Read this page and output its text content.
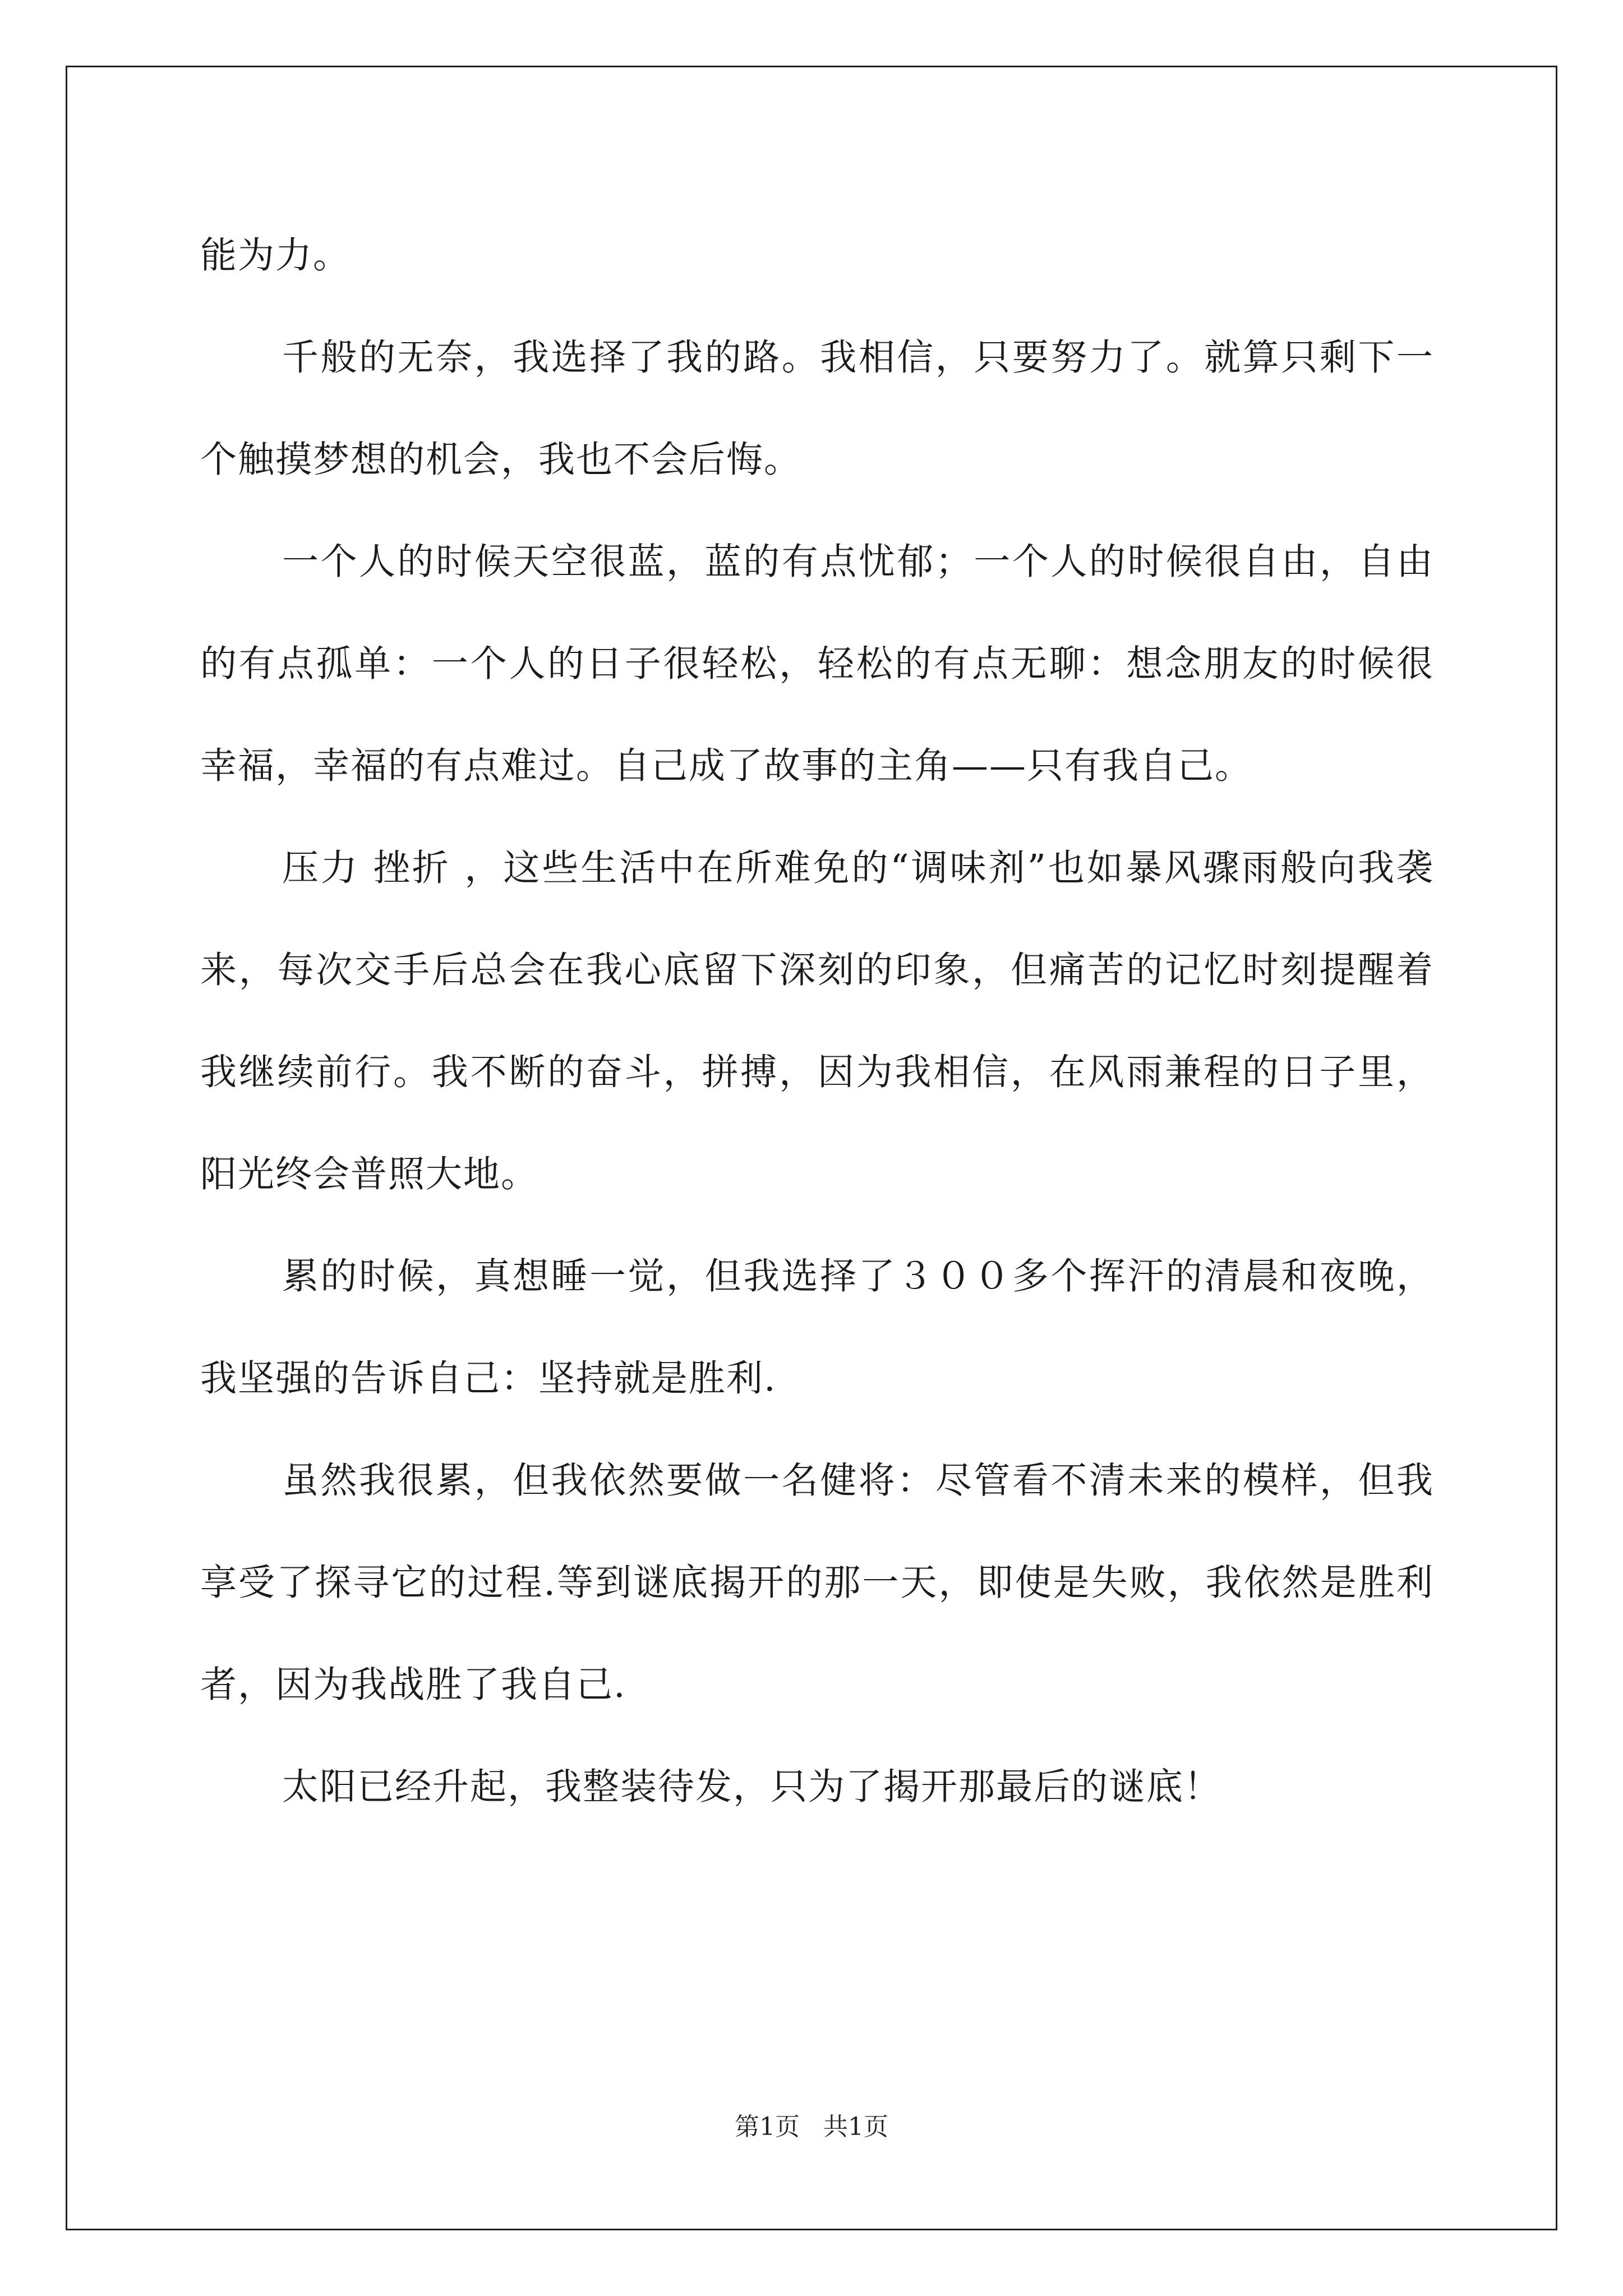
能为力。

千般的无奈，我选择了我的路。我相信，只要努力了。就算只剩下一个触摸梦想的机会，我也不会后悔。

一个人的时候天空很蓝，蓝的有点忧郁；一个人的时候很自由，自由的有点孤单：一个人的日子很轻松，轻松的有点无聊：想念朋友的时候很幸福，幸福的有点难过。自己成了故事的主角——只有我自己。

压力 挫折 ，这些生活中在所难免的“调味剂”也如暴风骤雨般向我袭来，每次交手后总会在我心底留下深刻的印象，但痛苦的记忆时刻提醒着我继续前行。我不断的奋斗，拼搏，因为我相信，在风雨兼程的日子里，阳光终会普照大地。

累的时候，真想睡一觉，但我选择了３００多个挥汗的清晨和夜晚，我坚强的告诉自己：坚持就是胜利.

虽然我很累，但我依然要做一名健将：尽管看不清未来的模样，但我享受了探寻它的过程.等到谜底揭开的那一天，即使是失败，我依然是胜利者，因为我战胜了我自己.

太阳已经升起，我整装待发，只为了揭开那最后的谜底！

第1页   共1页
